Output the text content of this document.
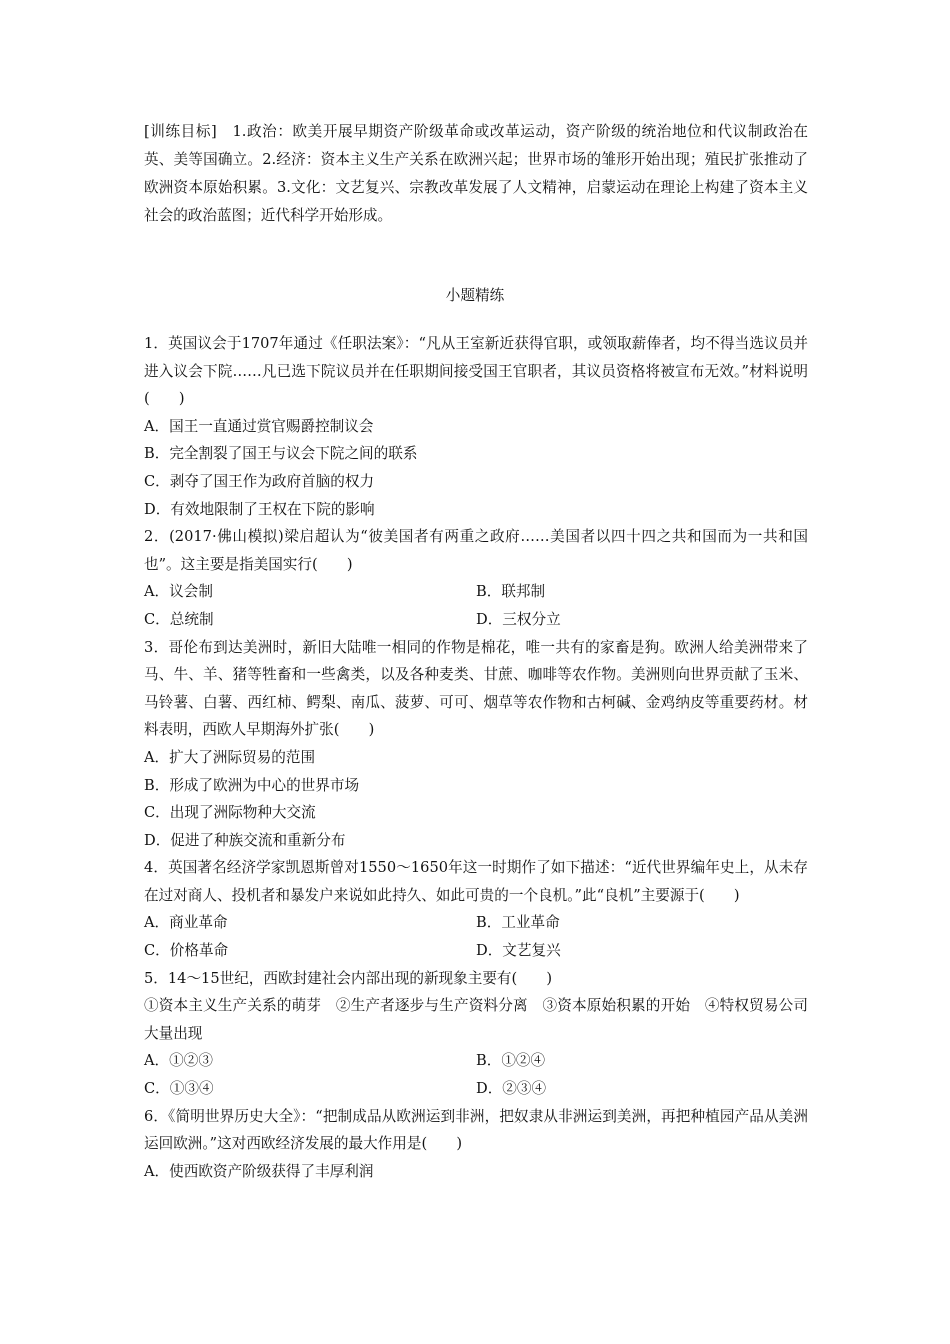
[训练目标]　 1.政治：欧美开展早期资产阶级革命或改革运动，资产阶级的统治地位和代议制政治在英、美等国确立。2.经济：资本主义生产关系在欧洲兴起；世界市场的雏形开始出现；殖民扩张推动了欧洲资本原始积累。3.文化：文艺复兴、宗教改革发展了人文精神，启蒙运动在理论上构建了资本主义社会的政治蓝图；近代科学开始形成。
小题精练
1．英国议会于1707年通过《任职法案》：“凡从王室新近获得官职，或领取薪俸者，均不得当选议员并进入议会下院……凡已选下院议员并在任职期间接受国王官职者，其议员资格将被宣布无效。”材料说明(　　)
A．国王一直通过赏官赐爵控制议会
B．完全割裂了国王与议会下院之间的联系
C．剥夺了国王作为政府首脑的权力
D．有效地限制了王权在下院的影响
2．(2017·佛山模拟)梁启超认为“彼美国者有两重之政府……美国者以四十四之共和国而为一共和国也”。这主要是指美国实行(　　)
A．议会制	B．联邦制
C．总统制	D．三权分立
3．哥伦布到达美洲时，新旧大陆唯一相同的作物是棉花，唯一共有的家畜是狗。欧洲人给美洲带来了马、牛、羊、猪等牲畜和一些禽类，以及各种麦类、甘蔗、咖啡等农作物。美洲则向世界贡献了玉米、马铃薯、白薯、西红柿、鳄梨、南瓜、菠萝、可可、烟草等农作物和古柯碱、金鸡纳皮等重要药材。材料表明，西欧人早期海外扩张(　　)
A．扩大了洲际贸易的范围
B．形成了欧洲为中心的世界市场
C．出现了洲际物种大交流
D．促进了种族交流和重新分布
4．英国著名经济学家凯恩斯曾对1550～1650年这一时期作了如下描述：“近代世界编年史上，从未存在过对商人、投机者和暴发户来说如此持久、如此可贵的一个良机。”此“良机”主要源于(　　)
A．商业革命	B．工业革命
C．价格革命	D．文艺复兴
5．14～15世纪，西欧封建社会内部出现的新现象主要有(　　)
①资本主义生产关系的萌芽　②生产者逐步与生产资料分离　③资本原始积累的开始　④特权贸易公司大量出现
A．①②③	B．①②④
C．①③④	D．②③④
6．《简明世界历史大全》：“把制成品从欧洲运到非洲，把奴隶从非洲运到美洲，再把种植园产品从美洲运回欧洲。”这对西欧经济发展的最大作用是(　　)
A．使西欧资产阶级获得了丰厚利润
